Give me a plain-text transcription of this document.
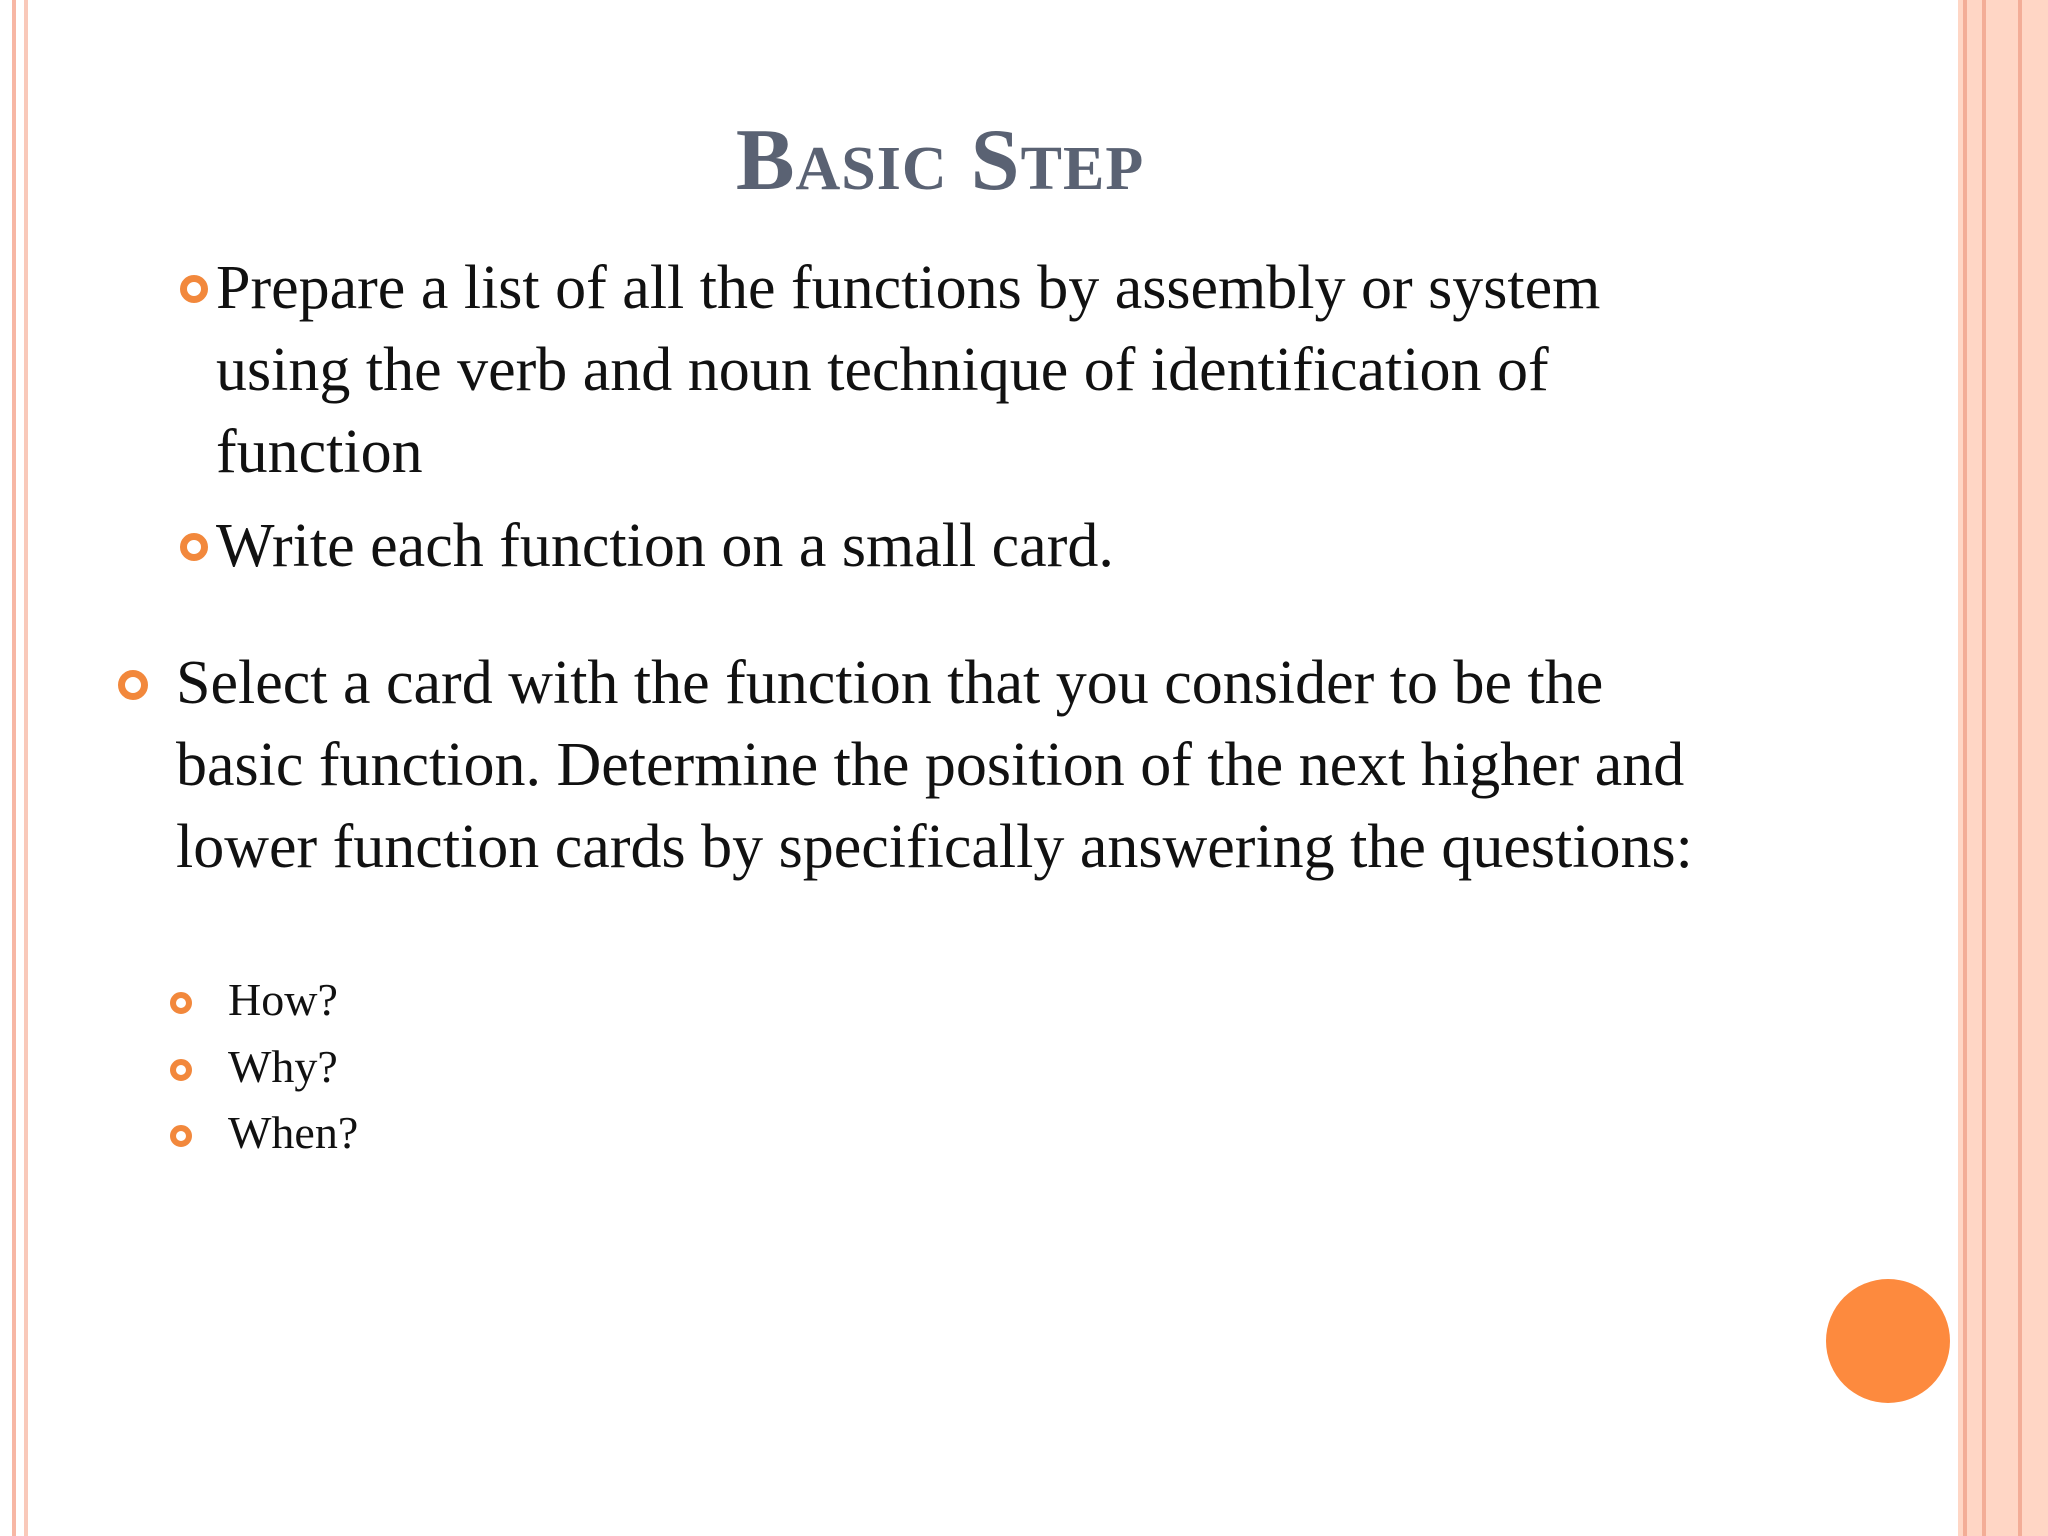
Basic Step
Prepare a list of all the functions by assembly or system using the verb and noun technique of identification of function
Write each function on a small card.
Select a card with the function that you consider to be the basic function. Determine the position of the next higher and lower function cards by specifically answering the questions:
How?
Why?
When?
